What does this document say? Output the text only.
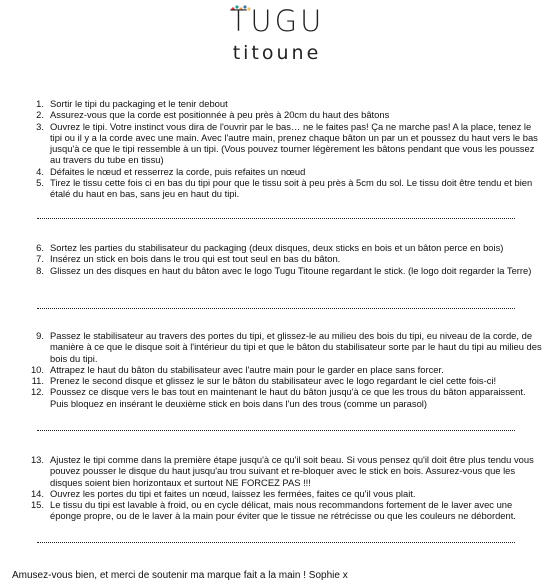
TUGU
titoune
1. Sortir le tipi du packaging et le tenir debout
2. Assurez-vous que la corde est positionnée à peu près à 20cm du haut des bâtons
3. Ouvrez le tipi. Votre instinct vous dira de l'ouvrir par le bas… ne le faites pas! Ça ne marche pas! A la place, tenez le tipi ou il y a la corde avec une main. Avec l'autre main, prenez chaque bâton un par un et poussez du haut vers le bas jusqu'à ce que le tipi ressemble à un tipi. (Vous pouvez tourner légèrement les bâtons pendant que vous les poussez au travers du tube en tissu)
4. Défaites le nœud et resserrez la corde, puis refaites un nœud
5. Tirez le tissu cette fois ci en bas du tipi pour que le tissu soit à peu près à 5cm du sol. Le tissu doit être tendu et bien étalé du haut en bas, sans jeu en haut du tipi.
6. Sortez les parties du stabilisateur du packaging (deux disques, deux sticks en bois et un bâton perce en bois)
7. Insérez un stick en bois dans le trou qui est tout seul en bas du bâton.
8. Glissez un des disques en haut du bâton avec le logo Tugu Titoune regardant le stick. (le logo doit regarder la Terre)
9. Passez le stabilisateur au travers des portes du tipi, et glissez-le au milieu des bois du tipi, eu niveau de la corde, de manière à ce que le disque soit à l'intérieur du tipi et que le bâton du stabilisateur sorte par le haut du tipi au milieu des bois du tipi.
10. Attrapez le haut du bâton du stabilisateur avec l'autre main pour le garder en place sans forcer.
11. Prenez le second disque et glissez le sur le bâton du stabilisateur avec le logo regardant le ciel cette fois-ci!
12. Poussez ce disque vers le bas tout en maintenant le haut du bâton jusqu'à ce que les trous du bâton apparaissent. Puis bloquez en insérant le deuxième stick en bois dans l'un des trous (comme un parasol)
13. Ajustez le tipi comme dans la première étape jusqu'à ce qu'il soit beau. Si vous pensez qu'il doit être plus tendu vous pouvez pousser le disque du haut jusqu'au trou suivant et re-bloquer avec le stick en bois. Assurez-vous que les disques soient bien horizontaux et surtout NE FORCEZ PAS !!!
14. Ouvrez les portes du tipi et faites un nœud, laissez les fermées, faites ce qu'il vous plait.
15. Le tissu du tipi est lavable à froid, ou en cycle délicat, mais nous recommandons fortement de le laver avec une éponge propre, ou de le laver à la main pour éviter que le tissue ne rétrécisse ou que les couleurs ne débordent.
Amusez-vous bien, et merci de soutenir ma marque fait a la main ! Sophie x
